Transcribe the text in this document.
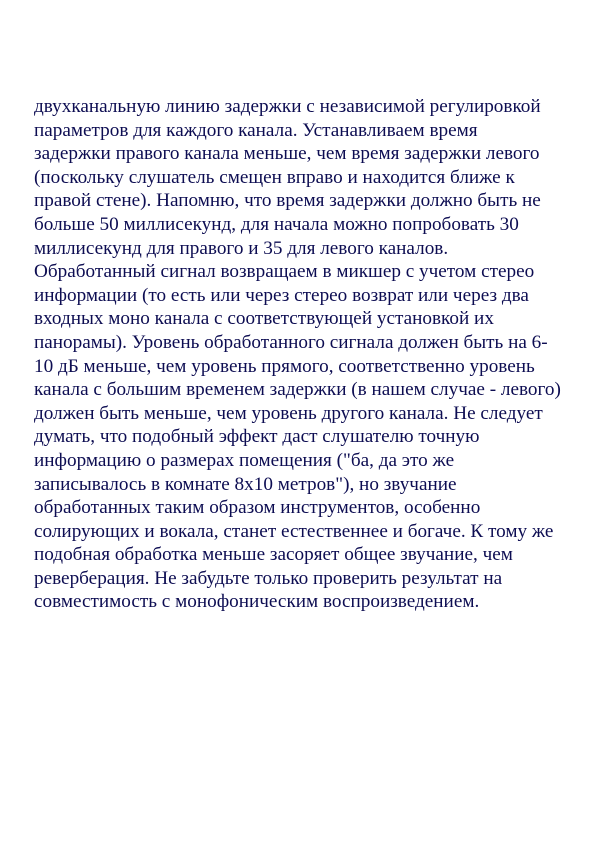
двухканальную линию задержки с независимой регулировкой
параметров для каждого канала. Устанавливаем время
задержки правого канала меньше, чем время задержки левого
(поскольку слушатель смещен вправо и находится ближе к
правой стене). Напомню, что время задержки должно быть не
больше 50 миллисекунд, для начала можно попробовать 30
миллисекунд для правого и 35 для левого каналов.
Обработанный сигнал возвращаем в микшер с учетом стерео
информации (то есть или через стерео возврат или через два
входных моно канала с соответствующей установкой их
панорамы). Уровень обработанного сигнала должен быть на 6-
10 дБ меньше, чем уровень прямого, соответственно уровень
канала с большим временем задержки (в нашем случае - левого)
должен быть меньше, чем уровень другого канала. Не следует
думать, что подобный эффект даст слушателю точную
информацию о размерах помещения ("ба, да это же
записывалось в комнате 8х10 метров"), но звучание
обработанных таким образом инструментов, особенно
солирующих и вокала, станет естественнее и богаче. К тому же
подобная обработка меньше засоряет общее звучание, чем
реверберация. Не забудьте только проверить результат на
совместимость с монофоническим воспроизведением.
